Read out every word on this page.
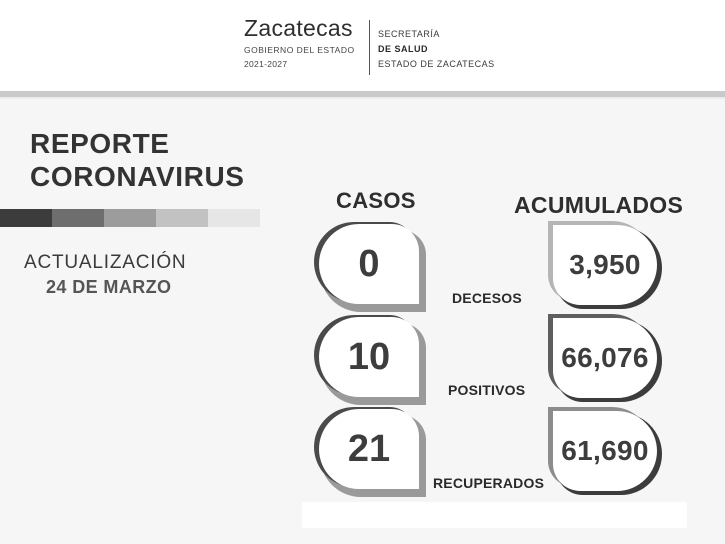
Zacatecas
GOBIERNO DEL ESTADO
2021-2027
SECRETARÍA
DE SALUD
ESTADO DE ZACATECAS
REPORTE
CORONAVIRUS
ACTUALIZACIÓN
24 DE MARZO
CASOS	ACUMULADOS
0
DECESOS
3,950
10
POSITIVOS
66,076
21
RECUPERADOS
61,690
